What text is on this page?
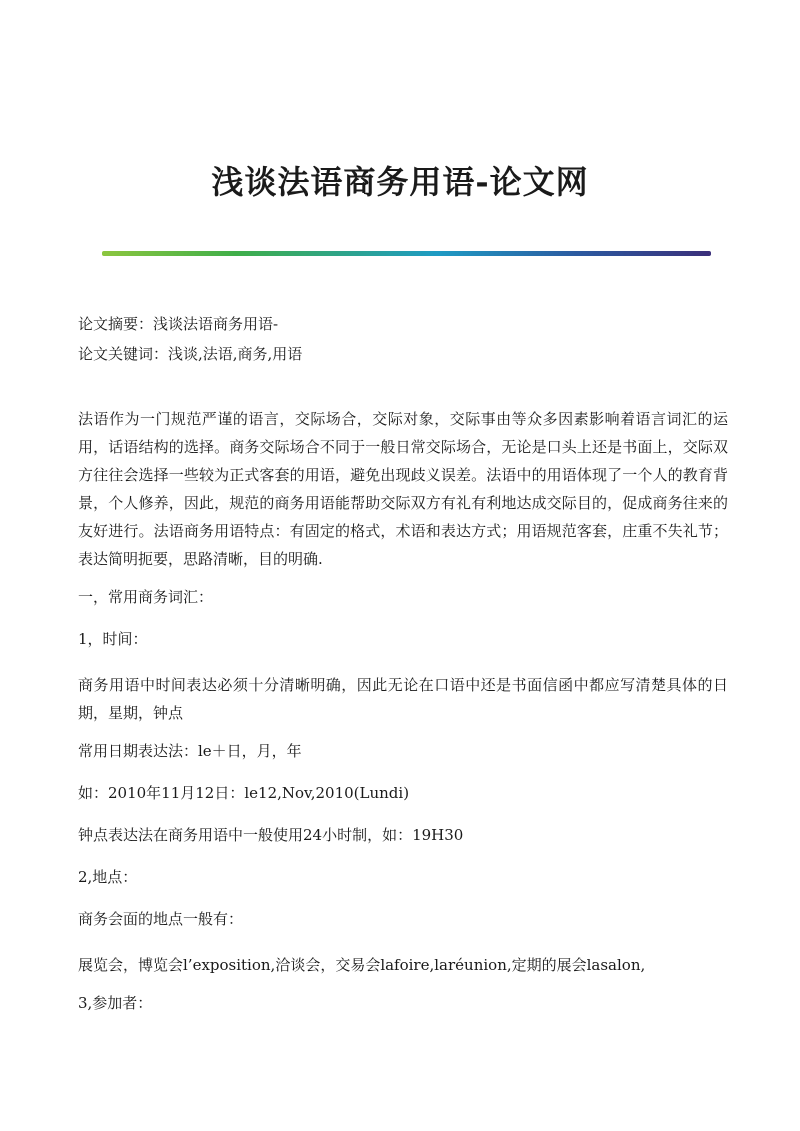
浅谈法语商务用语-论文网
论文摘要：浅谈法语商务用语-
论文关键词：浅谈,法语,商务,用语

法语作为一门规范严谨的语言，交际场合，交际对象，交际事由等众多因素影响着语言词汇的运用，话语结构的选择。商务交际场合不同于一般日常交际场合，无论是口头上还是书面上，交际双方往往会选择一些较为正式客套的用语，避免出现歧义误差。法语中的用语体现了一个人的教育背景，个人修养，因此，规范的商务用语能帮助交际双方有礼有利地达成交际目的，促成商务往来的友好进行。法语商务用语特点：有固定的格式，术语和表达方式；用语规范客套，庄重不失礼节；表达简明扼要，思路清晰，目的明确.

一，常用商务词汇：

1，时间：

商务用语中时间表达必须十分清晰明确，因此无论在口语中还是书面信函中都应写清楚具体的日期，星期，钟点

常用日期表达法：le＋日，月，年

如：2010年11月12日：le12,Nov,2010(Lundi)

钟点表达法在商务用语中一般使用24小时制，如：19H30

2,地点：

商务会面的地点一般有：

展览会，博览会l’exposition,洽谈会，交易会lafoire,laréunion,定期的展会lasalon,

3,参加者：
